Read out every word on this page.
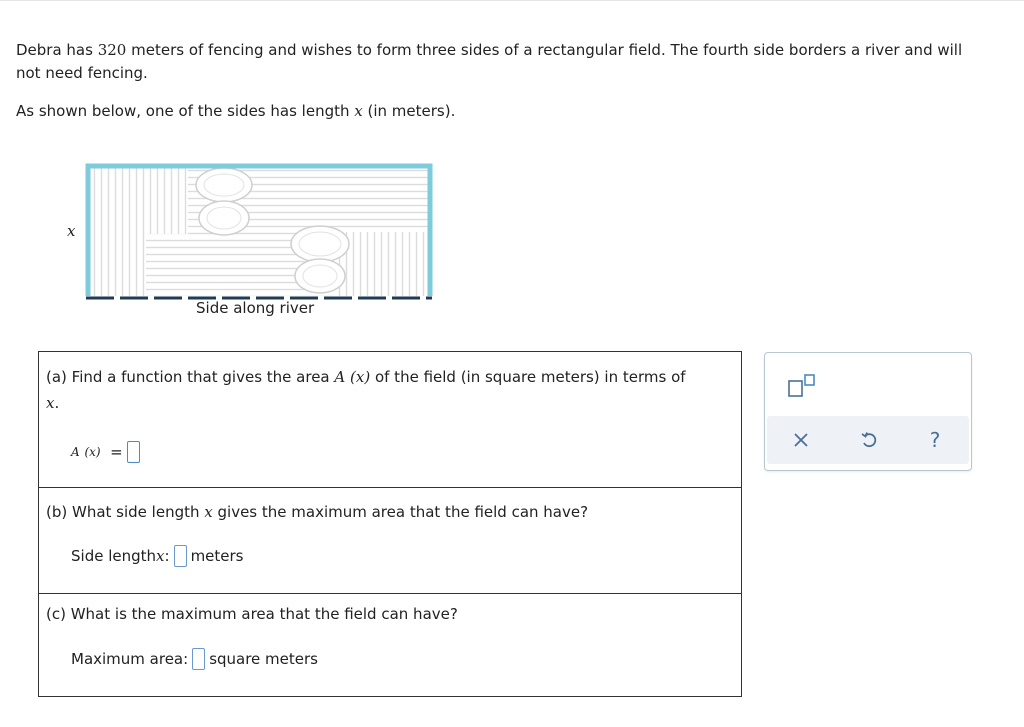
Debra has 320 meters of fencing and wishes to form three sides of a rectangular field. The fourth side borders a river and will not need fencing.
As shown below, one of the sides has length x (in meters).
x
Side along river
(a) Find a function that gives the area A (x) of the field (in square meters) in terms of x.
A
(x)
=
(b) What side length x gives the maximum area that the field can have?
Side length x : meters
(c) What is the maximum area that the field can have?
Maximum area: square meters
?
